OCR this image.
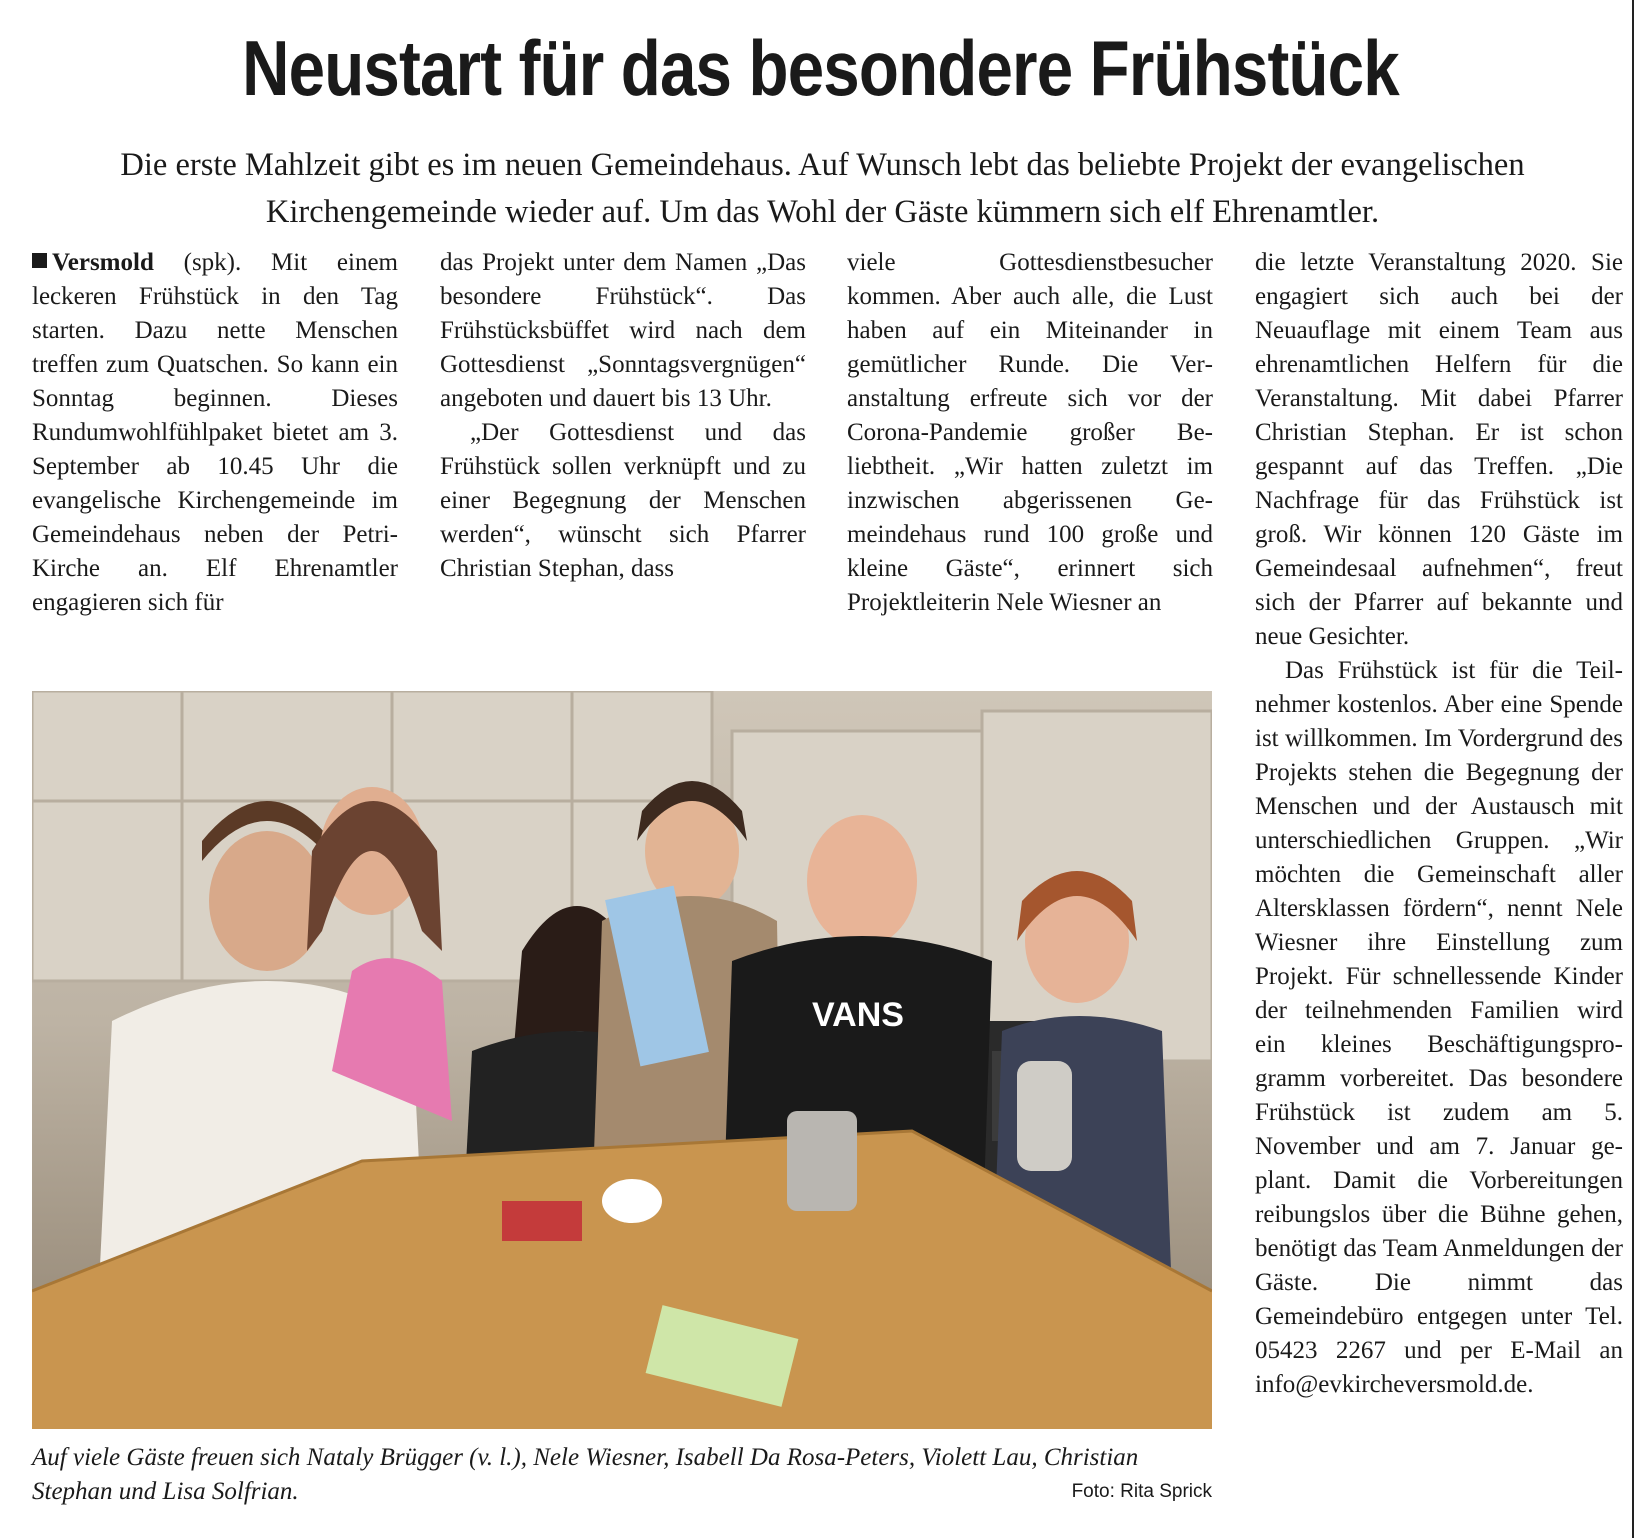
Neustart für das besondere Frühstück

Die erste Mahlzeit gibt es im neuen Gemeindehaus. Auf Wunsch lebt das beliebte Projekt der evangelischen Kirchengemeinde wieder auf. Um das Wohl der Gäste kümmern sich elf Ehrenamtler.

Versmold (spk). Mit einem leckeren Frühstück in den Tag starten. Dazu nette Menschen treffen zum Quatschen. So kann ein Sonntag beginnen. Dieses Rundumwohlfühlpaket bietet am 3. September ab 10.45 Uhr die evangelische Kirchengemeinde im Gemeindehaus neben der Petri-Kirche an. Elf Ehrenamtler engagieren sich für

das Projekt unter dem Namen „Das besondere Frühstück“. Das Frühstücksbüffet wird nach dem Gottesdienst „Sonntagsvergnügen“ angeboten und dauert bis 13 Uhr.

„Der Gottesdienst und das Frühstück sollen verknüpft und zu einer Begegnung der Menschen werden“, wünscht sich Pfarrer Christian Stephan, dass

viele Gottesdienstbesucher kommen. Aber auch alle, die Lust haben auf ein Miteinander in gemütlicher Runde. Die Veranstaltung erfreute sich vor der Corona-Pandemie großer Beliebtheit. „Wir hatten zuletzt im inzwischen abgerissenen Gemeindehaus rund 100 große und kleine Gäste“, erinnert sich Projektleiterin Nele Wiesner an

die letzte Veranstaltung 2020. Sie engagiert sich auch bei der Neuauflage mit einem Team aus ehrenamtlichen Helfern für die Veranstaltung. Mit dabei Pfarrer Christian Stephan. Er ist schon gespannt auf das Treffen. „Die Nachfrage für das Frühstück ist groß. Wir können 120 Gäste im Gemeindesaal aufnehmen“, freut sich der Pfarrer auf bekannte und neue Gesichter.

Das Frühstück ist für die Teilnehmer kostenlos. Aber eine Spende ist willkommen. Im Vordergrund des Projekts stehen die Begegnung der Menschen und der Austausch mit unterschiedlichen Gruppen. „Wir möchten die Gemeinschaft aller Altersklassen fördern“, nennt Nele Wiesner ihre Einstellung zum Projekt. Für schnellessende Kinder der teilnehmenden Familien wird ein kleines Beschäftigungsprogramm vorbereitet. Das besondere Frühstück ist zudem am 5. November und am 7. Januar geplant. Damit die Vorbereitungen reibungslos über die Bühne gehen, benötigt das Team Anmeldungen der Gäste. Die nimmt das Gemeindebüro entgegen unter Tel. 05423 2267 und per E-Mail an info@evkircheversmold.de.

VANS

Auf viele Gäste freuen sich Nataly Brügger (v. l.), Nele Wiesner, Isabell Da Rosa-Peters, Violett Lau, Christian Stephan und Lisa Solfrian.	Foto: Rita Sprick
